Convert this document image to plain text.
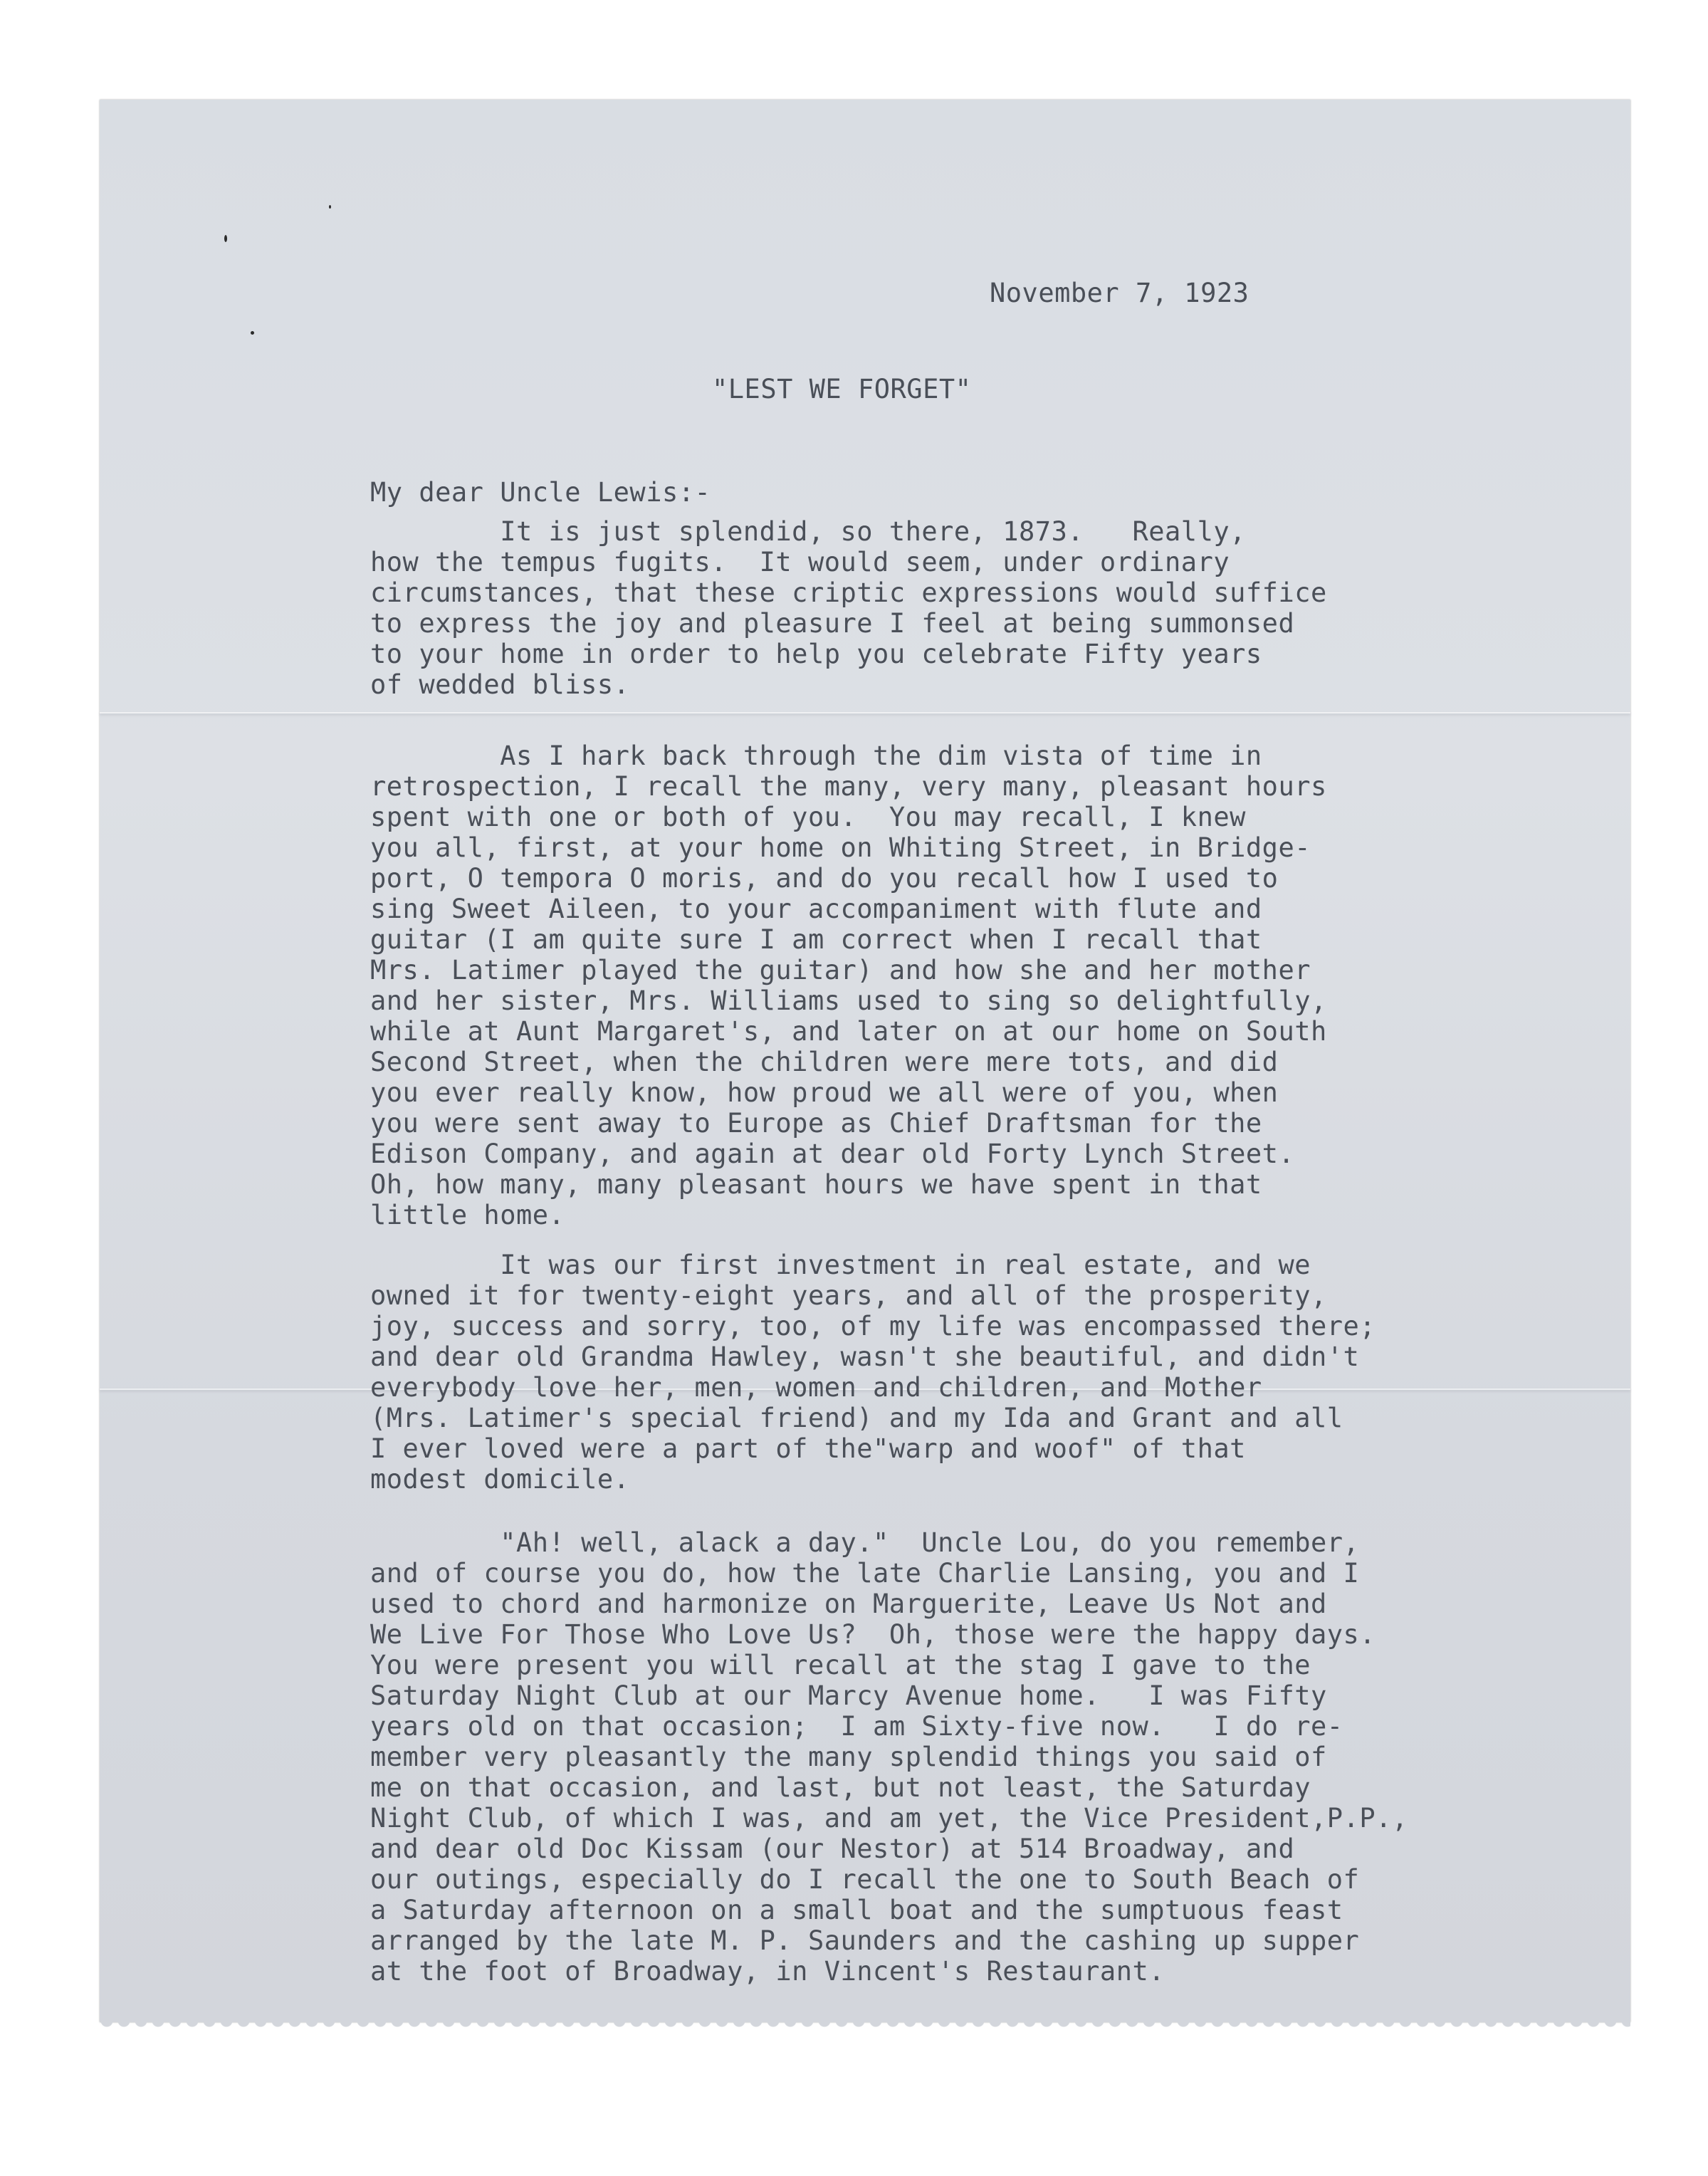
November 7, 1923
"LEST WE FORGET"
My dear Uncle Lewis:-
It is just splendid, so there, 1873.   Really,
how the tempus fugits.  It would seem, under ordinary
circumstances, that these criptic expressions would suffice
to express the joy and pleasure I feel at being summonsed
to your home in order to help you celebrate Fifty years
of wedded bliss.
As I hark back through the dim vista of time in
retrospection, I recall the many, very many, pleasant hours
spent with one or both of you.  You may recall, I knew
you all, first, at your home on Whiting Street, in Bridge-
port, O tempora O moris, and do you recall how I used to
sing Sweet Aileen, to your accompaniment with flute and
guitar (I am quite sure I am correct when I recall that
Mrs. Latimer played the guitar) and how she and her mother
and her sister, Mrs. Williams used to sing so delightfully,
while at Aunt Margaret's, and later on at our home on South
Second Street, when the children were mere tots, and did
you ever really know, how proud we all were of you, when
you were sent away to Europe as Chief Draftsman for the
Edison Company, and again at dear old Forty Lynch Street.
Oh, how many, many pleasant hours we have spent in that
little home.
It was our first investment in real estate, and we
owned it for twenty-eight years, and all of the prosperity,
joy, success and sorry, too, of my life was encompassed there;
and dear old Grandma Hawley, wasn't she beautiful, and didn't
everybody love her, men, women and children, and Mother
(Mrs. Latimer's special friend) and my Ida and Grant and all
I ever loved were a part of the"warp and woof" of that
modest domicile.
"Ah! well, alack a day."  Uncle Lou, do you remember,
and of course you do, how the late Charlie Lansing, you and I
used to chord and harmonize on Marguerite, Leave Us Not and
We Live For Those Who Love Us?  Oh, those were the happy days.
You were present you will recall at the stag I gave to the
Saturday Night Club at our Marcy Avenue home.   I was Fifty
years old on that occasion;  I am Sixty-five now.   I do re-
member very pleasantly the many splendid things you said of
me on that occasion, and last, but not least, the Saturday
Night Club, of which I was, and am yet, the Vice President,P.P.,
and dear old Doc Kissam (our Nestor) at 514 Broadway, and
our outings, especially do I recall the one to South Beach of
a Saturday afternoon on a small boat and the sumptuous feast
arranged by the late M. P. Saunders and the cashing up supper
at the foot of Broadway, in Vincent's Restaurant.
